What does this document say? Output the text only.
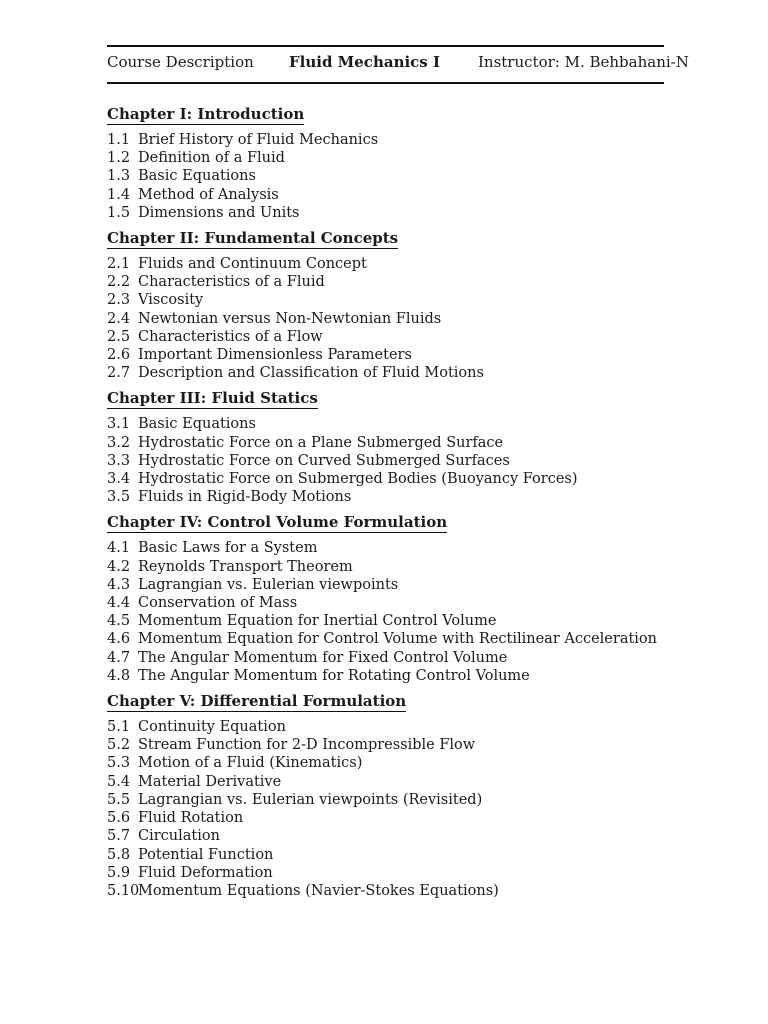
Course Description Fluid Mechanics I	Instructor: M. Behbahani-N
Chapter I: Introduction
1.1 Brief History of Fluid Mechanics
1.2 Definition of a Fluid
1.3 Basic Equations
1.4 Method of Analysis
1.5 Dimensions and Units
Chapter II: Fundamental Concepts
2.1 Fluids and Continuum Concept
2.2 Characteristics of a Fluid
2.3 Viscosity
2.4 Newtonian versus Non-Newtonian Fluids
2.5 Characteristics of a Flow
2.6 Important Dimensionless Parameters
2.7 Description and Classification of Fluid Motions
Chapter III: Fluid Statics
3.1 Basic Equations
3.2 Hydrostatic Force on a Plane Submerged Surface
3.3 Hydrostatic Force on Curved Submerged Surfaces
3.4 Hydrostatic Force on Submerged Bodies (Buoyancy Forces)
3.5 Fluids in Rigid-Body Motions
Chapter IV: Control Volume Formulation
4.1 Basic Laws for a System
4.2 Reynolds Transport Theorem
4.3 Lagrangian vs. Eulerian viewpoints
4.4 Conservation of Mass
4.5 Momentum Equation for Inertial Control Volume
4.6 Momentum Equation for Control Volume with Rectilinear Acceleration
4.7 The Angular Momentum for Fixed Control Volume
4.8 The Angular Momentum for Rotating Control Volume
Chapter V: Differential Formulation
5.1 Continuity Equation
5.2 Stream Function for 2-D Incompressible Flow
5.3 Motion of a Fluid (Kinematics)
5.4 Material Derivative
5.5 Lagrangian vs. Eulerian viewpoints (Revisited)
5.6 Fluid Rotation
5.7 Circulation
5.8 Potential Function
5.9 Fluid Deformation
5.10Momentum Equations (Navier-Stokes Equations)
